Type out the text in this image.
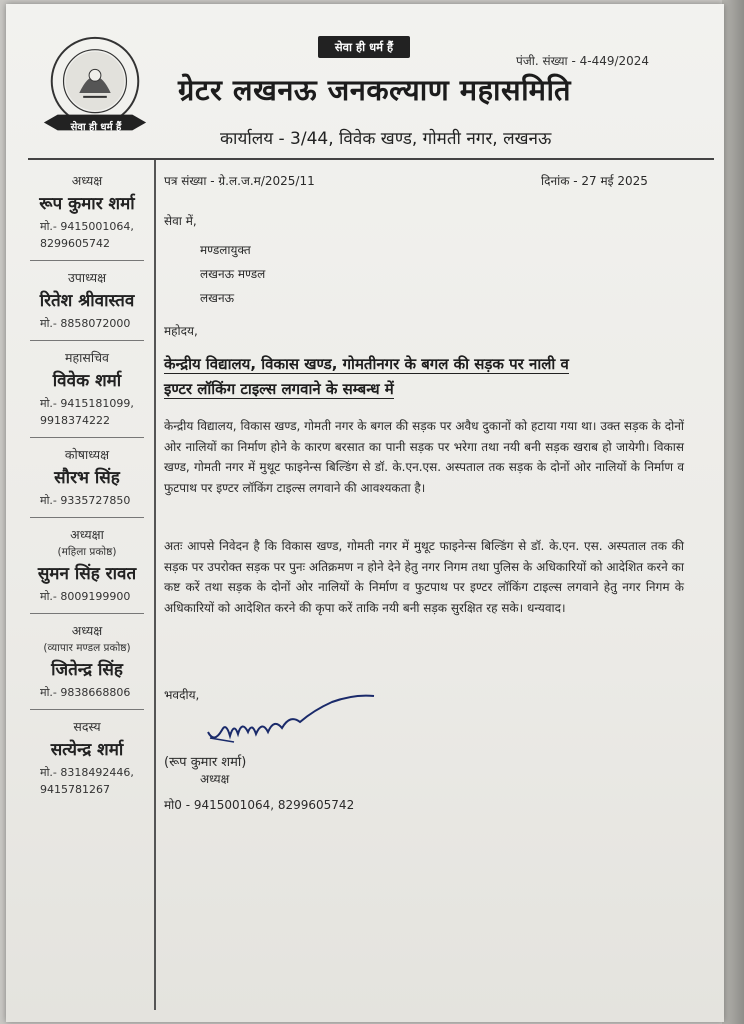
सेवा ही धर्म हैं
सेवा ही धर्म हैं
पंजी. संख्या - 4-449/2024
ग्रेटर लखनऊ जनकल्याण महासमिति
कार्यालय - 3/44, विवेक खण्ड, गोमती नगर, लखनऊ
अध्यक्ष
रूप कुमार शर्मा
मो.- 9415001064,
8299605742
उपाध्यक्ष
रितेश श्रीवास्तव
मो.- 8858072000
महासचिव
विवेक शर्मा
मो.- 9415181099,
9918374222
कोषाध्यक्ष
सौरभ सिंह
मो.- 9335727850
अध्यक्षा
(महिला प्रकोष्ठ)
सुमन सिंह रावत
मो.- 8009199900
अध्यक्ष
(व्यापार मण्डल प्रकोष्ठ)
जितेन्द्र सिंह
मो.- 9838668806
सदस्य
सत्येन्द्र शर्मा
मो.- 8318492446,
9415781267
पत्र संख्या - ग्रे.ल.ज.म/2025/11	दिनांक - 27 मई 2025
सेवा में,
मण्डलायुक्त
लखनऊ मण्डल
लखनऊ
महोदय,
केन्द्रीय विद्यालय, विकास खण्ड, गोमतीनगर के बगल की सड़क पर नाली व
इण्टर लॉकिंग टाइल्स लगवाने के सम्बन्ध में
केन्द्रीय विद्यालय, विकास खण्ड, गोमती नगर के बगल की सड़क पर अवैध दुकानों को हटाया गया था। उक्त सड़क के दोनों ओर नालियों का निर्माण होने के कारण बरसात का पानी सड़क पर भरेगा तथा नयी बनी सड़क खराब हो जायेगी। विकास खण्ड, गोमती नगर में मुथूट फाइनेन्स बिल्डिंग से डॉ. के.एन.एस. अस्पताल तक सड़क के दोनों ओर नालियों के निर्माण व फुटपाथ पर इण्टर लॉकिंग टाइल्स लगवाने की आवश्यकता है।
अतः आपसे निवेदन है कि विकास खण्ड, गोमती नगर में मुथूट फाइनेन्स बिल्डिंग से डॉ. के.एन. एस. अस्पताल तक की सड़क पर उपरोक्त सड़क पर पुनः अतिक्रमण न होने देने हेतु नगर निगम तथा पुलिस के अधिकारियों को आदेशित करने का कष्ट करें तथा सड़क के दोनों ओर नालियों के निर्माण व फुटपाथ पर इण्टर लॉकिंग टाइल्स लगवाने हेतु नगर निगम के अधिकारियों को आदेशित करने की कृपा करें ताकि नयी बनी सड़क सुरक्षित रह सके। धन्यवाद।
भवदीय,
(रूप कुमार शर्मा)
अध्यक्ष
मो0 - 9415001064, 8299605742
